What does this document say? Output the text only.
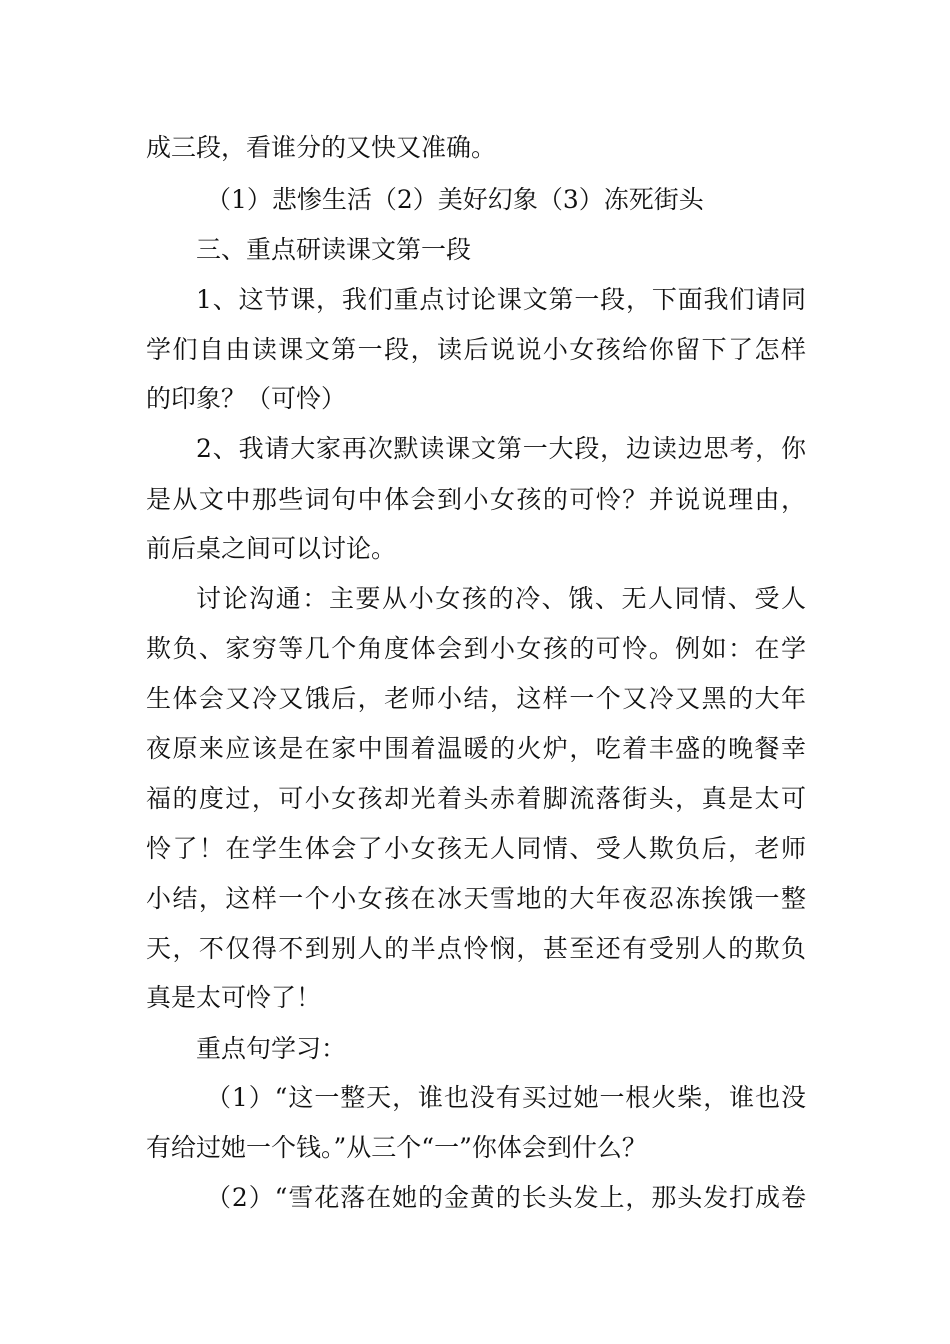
成三段，看谁分的又快又准确。
（1）悲惨生活（2）美好幻象（3）冻死街头
三、重点研读课文第一段
1、这节课，我们重点讨论课文第一段，下面我们请同
学们自由读课文第一段，读后说说小女孩给你留下了怎样
的印象？（可怜）
2、我请大家再次默读课文第一大段，边读边思考，你
是从文中那些词句中体会到小女孩的可怜？并说说理由，
前后桌之间可以讨论。
讨论沟通：主要从小女孩的冷、饿、无人同情、受人
欺负、家穷等几个角度体会到小女孩的可怜。例如：在学
生体会又冷又饿后，老师小结，这样一个又冷又黑的大年
夜原来应该是在家中围着温暖的火炉，吃着丰盛的晚餐幸
福的度过，可小女孩却光着头赤着脚流落街头，真是太可
怜了！在学生体会了小女孩无人同情、受人欺负后，老师
小结，这样一个小女孩在冰天雪地的大年夜忍冻挨饿一整
天，不仅得不到别人的半点怜悯，甚至还有受别人的欺负
真是太可怜了！
重点句学习：
（1）“这一整天，谁也没有买过她一根火柴，谁也没
有给过她一个钱。”从三个“一”你体会到什么？
（2）“雪花落在她的金黄的长头发上，那头发打成卷
